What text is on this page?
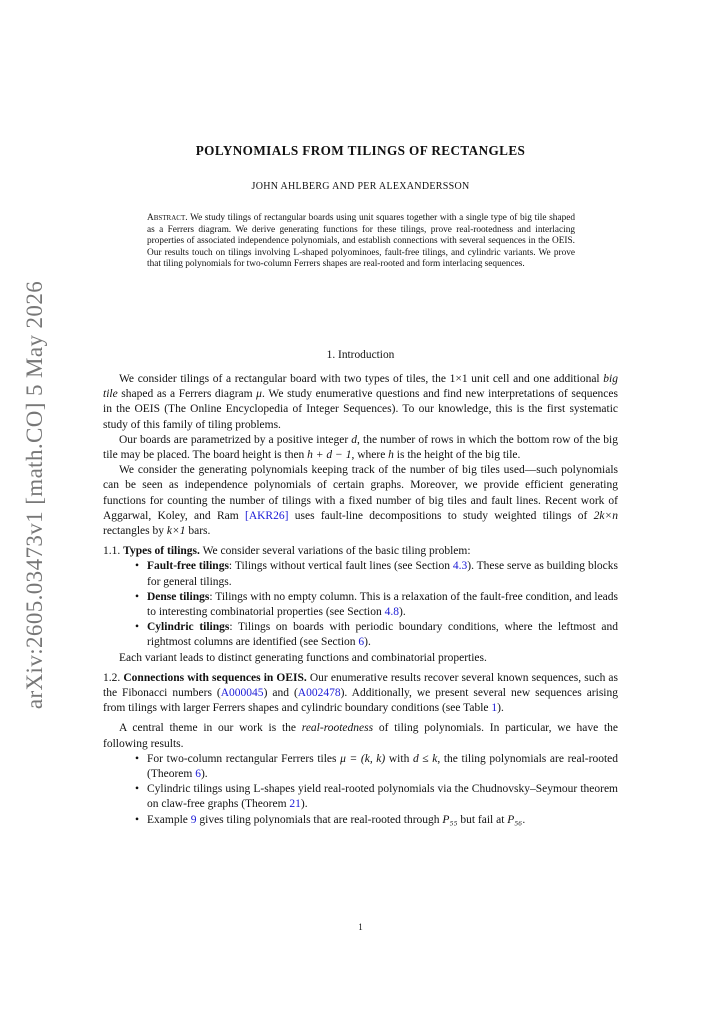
arXiv:2605.03473v1 [math.CO] 5 May 2026
POLYNOMIALS FROM TILINGS OF RECTANGLES
JOHN AHLBERG AND PER ALEXANDERSSON
Abstract. We study tilings of rectangular boards using unit squares together with a single type of big tile shaped as a Ferrers diagram. We derive generating functions for these tilings, prove real-rootedness and interlacing properties of associated independence polynomials, and establish connections with several sequences in the OEIS. Our results touch on tilings involving L-shaped polyominoes, fault-free tilings, and cylindric variants. We prove that tiling polynomials for two-column Ferrers shapes are real-rooted and form interlacing sequences.
1. Introduction

We consider tilings of a rectangular board with two types of tiles, the 1×1 unit cell and one additional big tile shaped as a Ferrers diagram μ. We study enumerative questions and find new interpretations of sequences in the OEIS (The Online Encyclopedia of Integer Sequences). To our knowledge, this is the first systematic study of this family of tiling problems.

Our boards are parametrized by a positive integer d, the number of rows in which the bottom row of the big tile may be placed. The board height is then h + d − 1, where h is the height of the big tile.

We consider the generating polynomials keeping track of the number of big tiles used—such polynomials can be seen as independence polynomials of certain graphs. Moreover, we provide efficient generating functions for counting the number of tilings with a fixed number of big tiles and fault lines. Recent work of Aggarwal, Koley, and Ram [AKR26] uses fault-line decompositions to study weighted tilings of 2k×n rectangles by k×1 bars.

1.1. Types of tilings. We consider several variations of the basic tiling problem:

• Fault-free tilings: Tilings without vertical fault lines (see Section 4.3). These serve as building blocks for general tilings.
• Dense tilings: Tilings with no empty column. This is a relaxation of the fault-free condition, and leads to interesting combinatorial properties (see Section 4.8).
• Cylindric tilings: Tilings on boards with periodic boundary conditions, where the leftmost and rightmost columns are identified (see Section 6).

Each variant leads to distinct generating functions and combinatorial properties.

1.2. Connections with sequences in OEIS. Our enumerative results recover several known sequences, such as the Fibonacci numbers (A000045) and (A002478). Additionally, we present several new sequences arising from tilings with larger Ferrers shapes and cylindric boundary conditions (see Table 1).

A central theme in our work is the real-rootedness of tiling polynomials. In particular, we have the following results.

• For two-column rectangular Ferrers tiles μ = (k, k) with d ≤ k, the tiling polynomials are real-rooted (Theorem 6).
• Cylindric tilings using L-shapes yield real-rooted polynomials via the Chudnovsky–Seymour theorem on claw-free graphs (Theorem 21).
• Example 9 gives tiling polynomials that are real-rooted through P₅₅ but fail at P₅₆.
1
